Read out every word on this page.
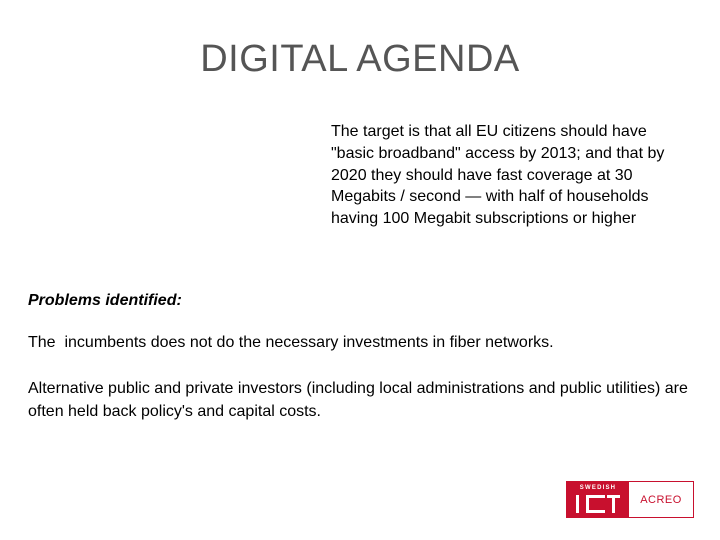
DIGITAL AGENDA

The target is that all EU citizens should have "basic broadband" access by 2013; and that by 2020 they should have fast coverage at 30 Megabits / second — with half of households having 100 Megabit subscriptions or higher

Problems identified:

The  incumbents does not do the necessary investments in fiber networks.

Alternative public and private investors (including local administrations and public utilities) are often held back policy's and capital costs.

SWEDISH
ACREO
